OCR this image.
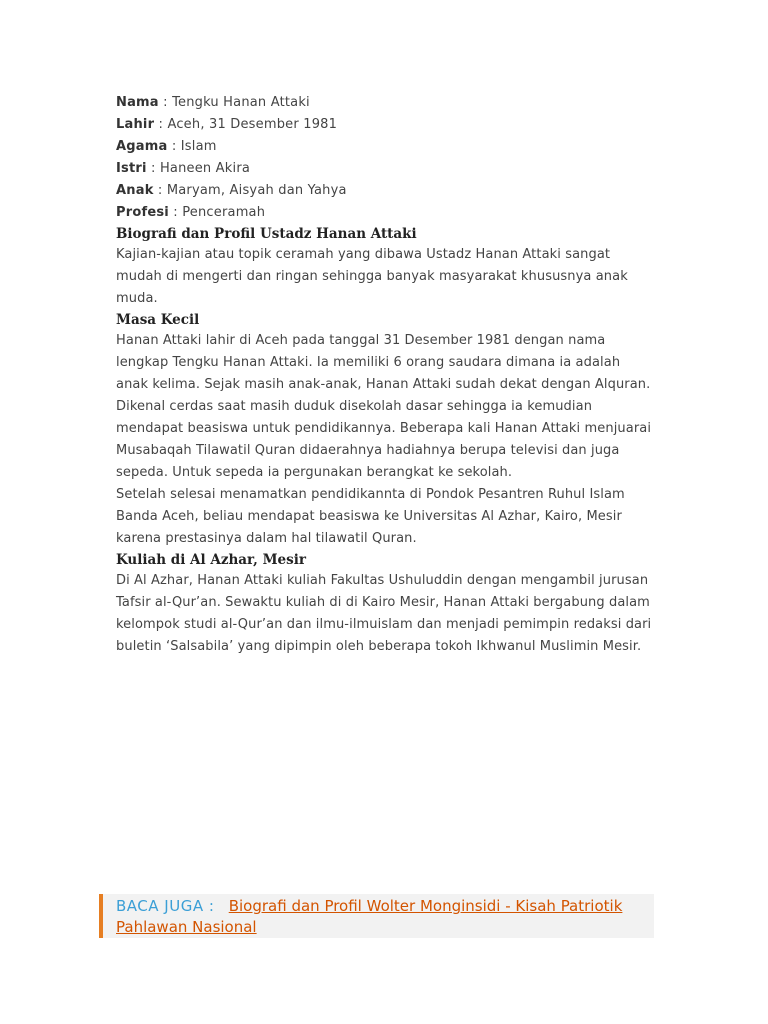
Nama : Tengku Hanan Attaki
Lahir : Aceh, 31 Desember 1981
Agama : Islam
Istri : Haneen Akira
Anak : Maryam, Aisyah dan Yahya
Profesi : Penceramah
Biografi dan Profil Ustadz Hanan Attaki

Kajian-kajian atau topik ceramah yang dibawa Ustadz Hanan Attaki sangat mudah di mengerti dan ringan sehingga banyak masyarakat khususnya anak muda.

Masa Kecil

Hanan Attaki lahir di Aceh pada tanggal 31 Desember 1981 dengan nama lengkap Tengku Hanan Attaki. Ia memiliki 6 orang saudara dimana ia adalah anak kelima. Sejak masih anak-anak, Hanan Attaki sudah dekat dengan Alquran.

Dikenal cerdas saat masih duduk disekolah dasar sehingga ia kemudian mendapat beasiswa untuk pendidikannya. Beberapa kali Hanan Attaki menjuarai Musabaqah Tilawatil Quran didaerahnya hadiahnya berupa televisi dan juga sepeda. Untuk sepeda ia pergunakan berangkat ke sekolah.

Setelah selesai menamatkan pendidikannta di Pondok Pesantren Ruhul Islam Banda Aceh, beliau mendapat beasiswa ke Universitas Al Azhar, Kairo, Mesir karena prestasinya dalam hal tilawatil Quran.

Kuliah di Al Azhar, Mesir

Di Al Azhar, Hanan Attaki kuliah Fakultas Ushuluddin dengan mengambil jurusan Tafsir al-Qur’an. Sewaktu kuliah di di Kairo Mesir, Hanan Attaki bergabung dalam kelompok studi al-Qur’an dan ilmu-ilmuislam dan menjadi pemimpin redaksi dari buletin ‘Salsabila’ yang dipimpin oleh beberapa tokoh Ikhwanul Muslimin Mesir.

BACA JUGA : Biografi dan Profil Wolter Monginsidi - Kisah Patriotik Pahlawan Nasional
